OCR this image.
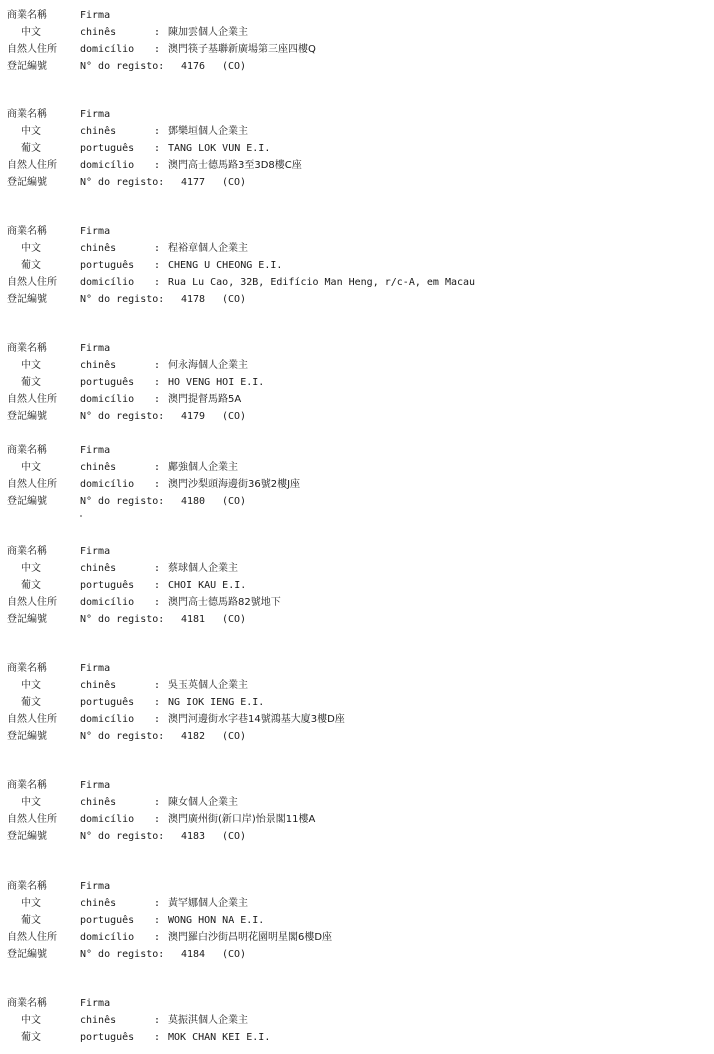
商業名稱	Firma
中文	chinês	: 陳加雲個人企業主
自然人住所 domicílio : 澳門筷子基聯新廣場第三座四樓Q
登記編號	N° do registo: 4176 (CO)
商業名稱	Firma
中文	chinês	: 鄧樂垣個人企業主
葡文	português : TANG LOK VUN E.I.
自然人住所 domicílio : 澳門高士德馬路3至3D8樓C座
登記編號	N° do registo: 4177 (CO)
商業名稱	Firma
中文	chinês	: 程裕章個人企業主
葡文	português : CHENG U CHEONG E.I.
自然人住所 domicílio : Rua Lu Cao, 32B, Edifício Man Heng, r/c-A, em Macau
登記編號	N° do registo: 4178 (CO)
商業名稱	Firma
中文	chinês	: 何永海個人企業主
葡文	português : HO VENG HOI E.I.
自然人住所 domicílio : 澳門提督馬路5A
登記編號	N° do registo: 4179 (CO)
商業名稱	Firma
中文	chinês	: 鄺強個人企業主
自然人住所 domicílio : 澳門沙梨頭海邊街36號2樓J座
登記編號	N° do registo: 4180 (CO)
商業名稱	Firma
中文	chinês	: 蔡球個人企業主
葡文	português : CHOI KAU E.I.
自然人住所 domicílio : 澳門高士德馬路82號地下
登記編號	N° do registo: 4181 (CO)
商業名稱	Firma
中文	chinês	: 吳玉英個人企業主
葡文	português : NG IOK IENG E.I.
自然人住所 domicílio : 澳門河邊街水字巷14號鴻基大廈3樓D座
登記編號	N° do registo: 4182 (CO)
商業名稱	Firma
中文	chinês	: 陳女個人企業主
自然人住所 domicílio : 澳門廣州街(新口岸)怡景閣11樓A
登記編號	N° do registo: 4183 (CO)
商業名稱	Firma
中文	chinês	: 黃罕娜個人企業主
葡文	português : WONG HON NA E.I.
自然人住所 domicílio : 澳門羅白沙街昌明花園明星閣6樓D座
登記編號	N° do registo: 4184 (CO)
商業名稱	Firma
中文	chinês	: 莫振淇個人企業主
葡文	português : MOK CHAN KEI E.I.
